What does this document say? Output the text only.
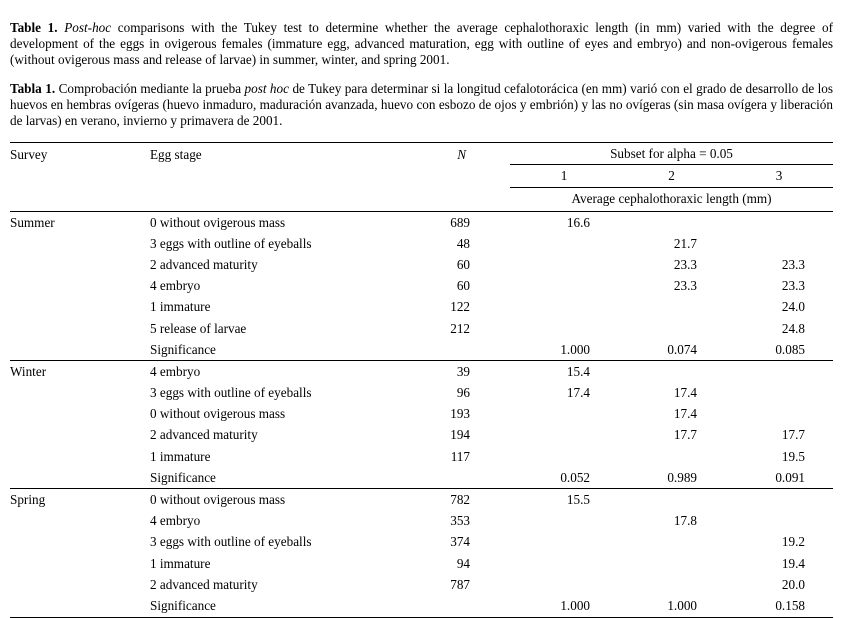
Table 1. Post-hoc comparisons with the Tukey test to determine whether the average cephalothoraxic length (in mm) varied with the degree of development of the eggs in ovigerous females (immature egg, advanced maturation, egg with outline of eyes and embryo) and non-ovigerous females (without ovigerous mass and release of larvae) in summer, winter, and spring 2001.

Tabla 1. Comprobación mediante la prueba post hoc de Tukey para determinar si la longitud cefalotorácica (en mm) varió con el grado de desarrollo de los huevos en hembras ovígeras (huevo inmaduro, maduración avanzada, huevo con esbozo de ojos y embrión) y las no ovígeras (sin masa ovígera y liberación de larvas) en verano, invierno y primavera de 2001.

Survey	Egg stage	N	Subset for alpha = 0.05		
			1	2	3
			Average cephalothoraxic length (mm)		
Summer	0 without ovigerous mass	689	16.6		
	3 eggs with outline of eyeballs	48		21.7	
	2 advanced maturity	60		23.3	23.3
	4 embryo	60		23.3	23.3
	1 immature	122			24.0
	5 release of larvae	212			24.8
	Significance		1.000	0.074	0.085
Winter	4 embryo	39	15.4		
	3 eggs with outline of eyeballs	96	17.4	17.4	
	0 without ovigerous mass	193		17.4	
	2 advanced maturity	194		17.7	17.7
	1 immature	117			19.5
	Significance		0.052	0.989	0.091
Spring	0 without ovigerous mass	782	15.5		
	4 embryo	353		17.8	
	3 eggs with outline of eyeballs	374			19.2
	1 immature	94			19.4
	2 advanced maturity	787			20.0
	Significance		1.000	1.000	0.158
